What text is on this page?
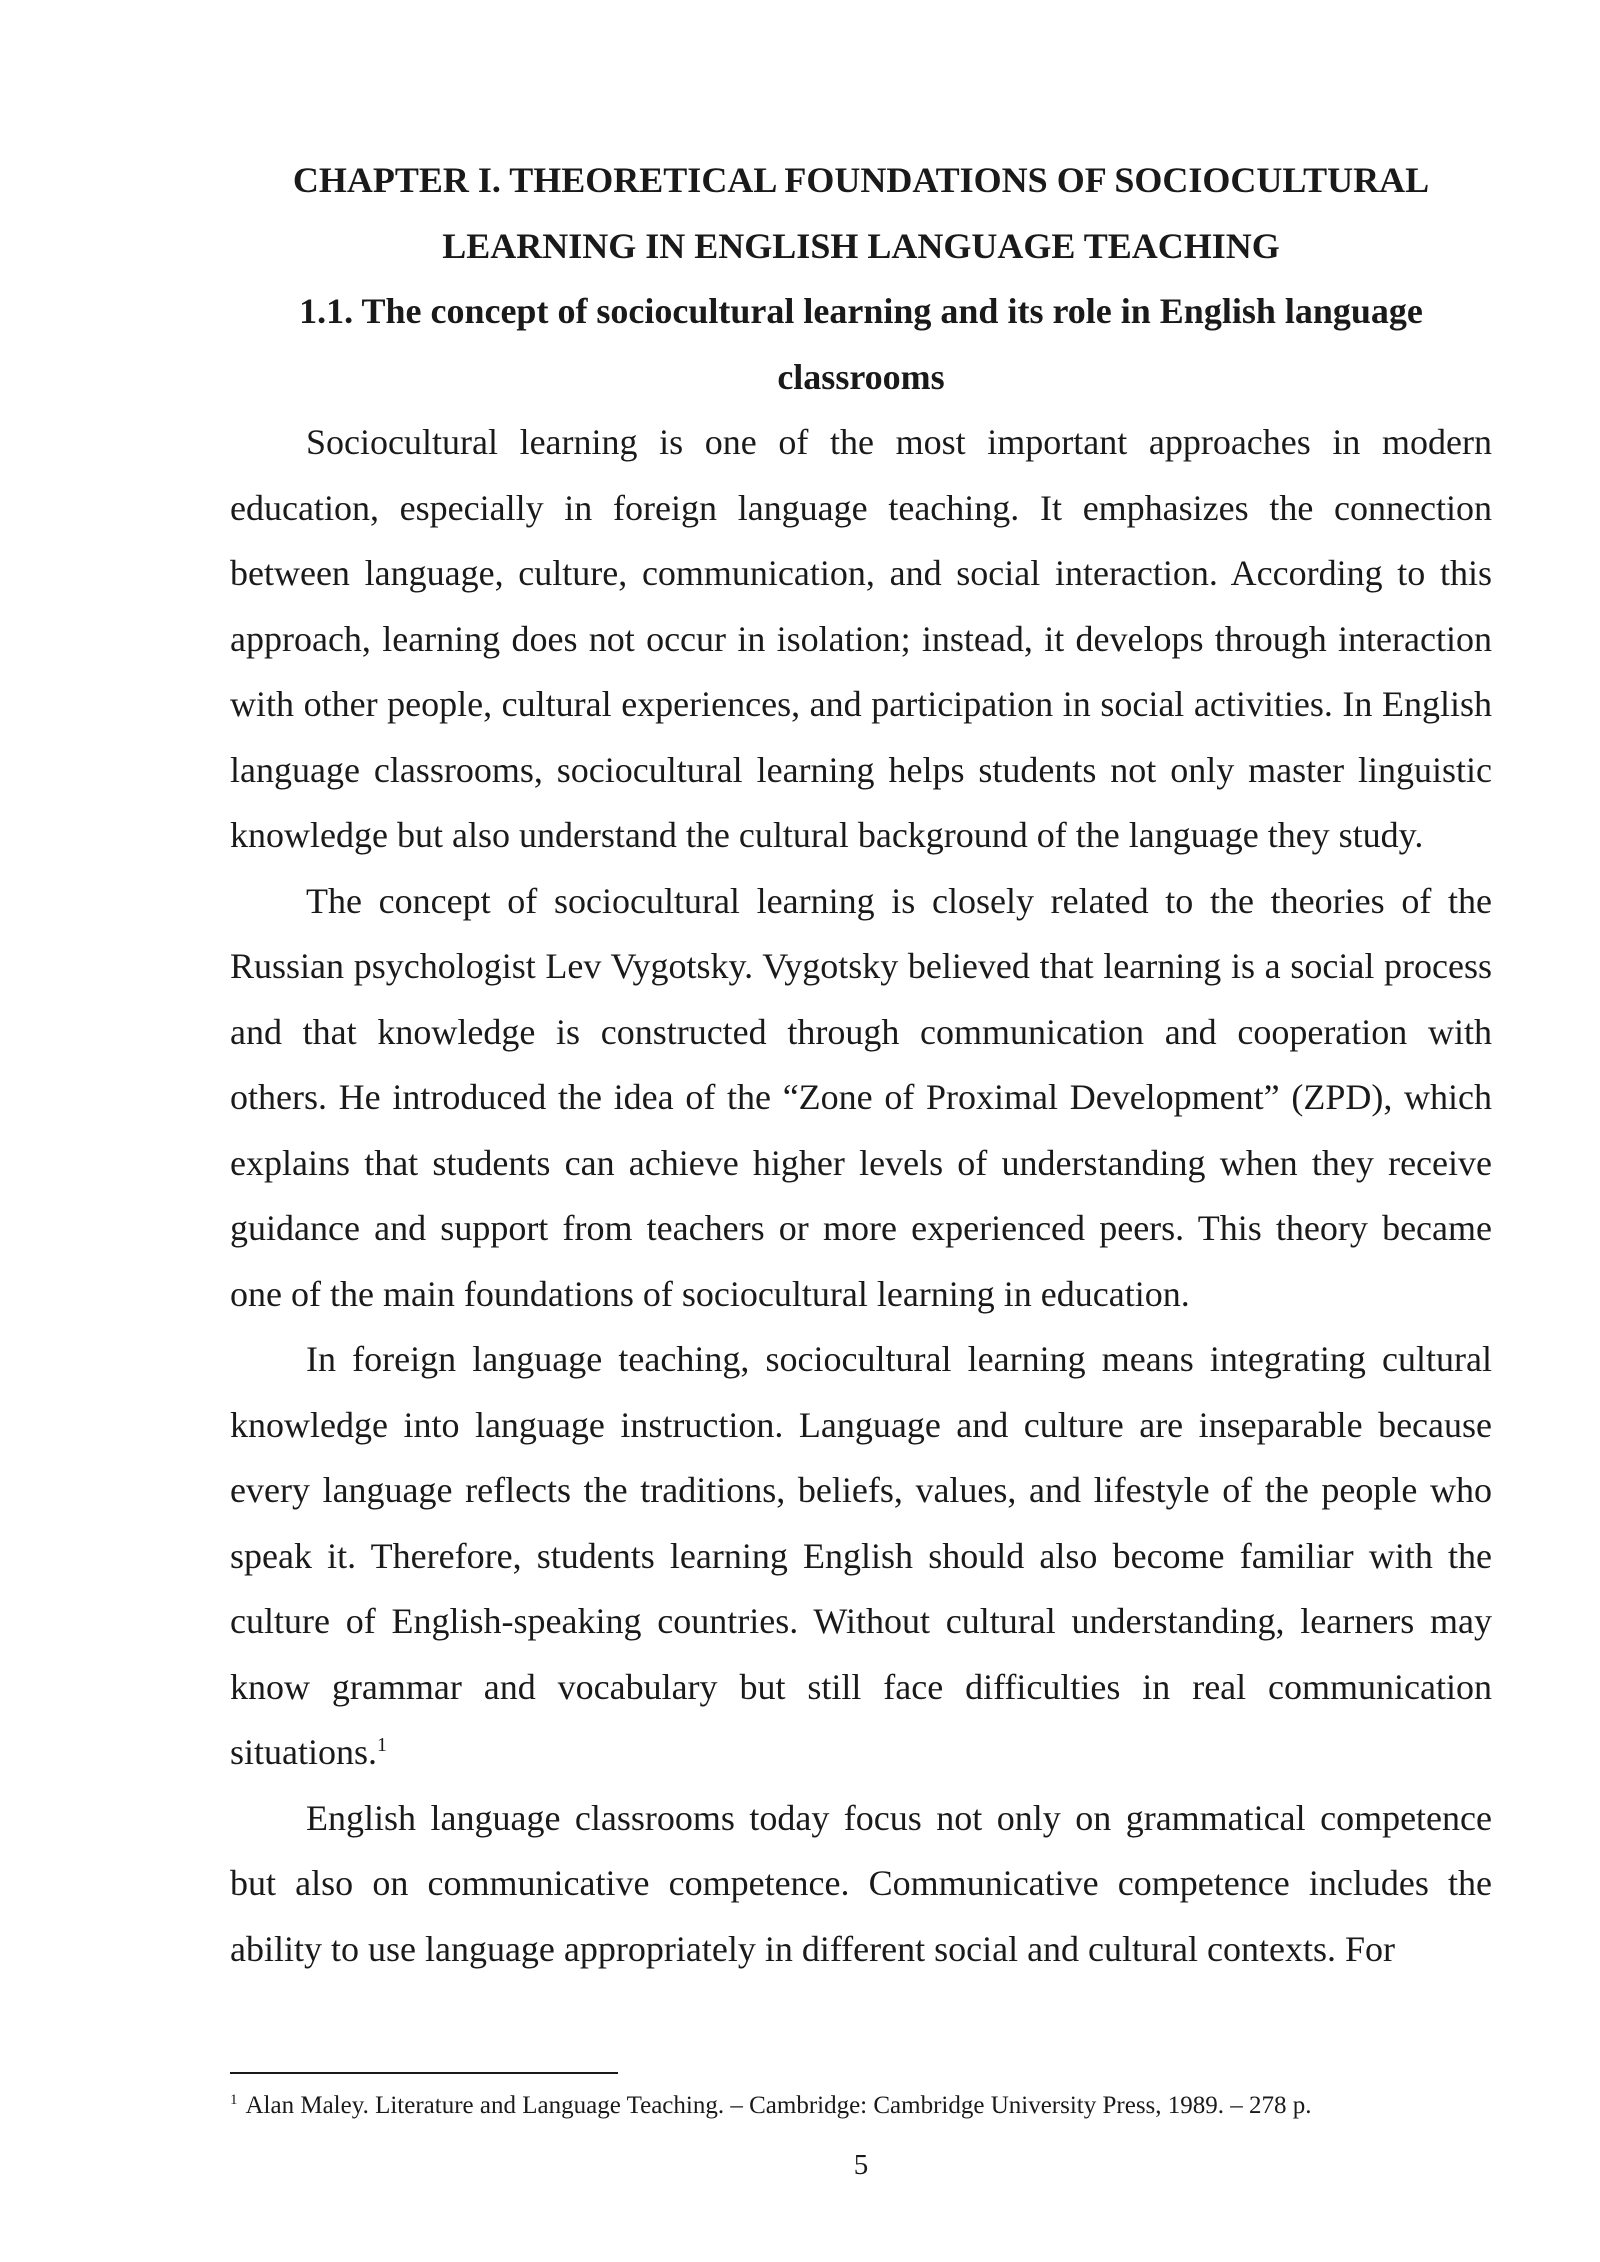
CHAPTER I. THEORETICAL FOUNDATIONS OF SOCIOCULTURAL
LEARNING IN ENGLISH LANGUAGE TEACHING
1.1. The concept of sociocultural learning and its role in English language
classrooms

Sociocultural learning is one of the most important approaches in modern education, especially in foreign language teaching. It emphasizes the connection between language, culture, communication, and social interaction. According to this approach, learning does not occur in isolation; instead, it develops through interaction with other people, cultural experiences, and participation in social activities. In English language classrooms, sociocultural learning helps students not only master linguistic knowledge but also understand the cultural background of the language they study.

The concept of sociocultural learning is closely related to the theories of the Russian psychologist Lev Vygotsky. Vygotsky believed that learning is a social process and that knowledge is constructed through communication and cooperation with others. He introduced the idea of the “Zone of Proximal Development” (ZPD), which explains that students can achieve higher levels of understanding when they receive guidance and support from teachers or more experienced peers. This theory became one of the main foundations of sociocultural learning in education.

In foreign language teaching, sociocultural learning means integrating cultural knowledge into language instruction. Language and culture are inseparable because every language reflects the traditions, beliefs, values, and lifestyle of the people who speak it. Therefore, students learning English should also become familiar with the culture of English-speaking countries. Without cultural understanding, learners may know grammar and vocabulary but still face difficulties in real communication situations.$^1$

English language classrooms today focus not only on grammatical competence but also on communicative competence. Communicative competence includes the ability to use language appropriately in different social and cultural contexts. For

$^1$ Alan Maley. Literature and Language Teaching. – Cambridge: Cambridge University Press, 1989. – 278 p.

5
